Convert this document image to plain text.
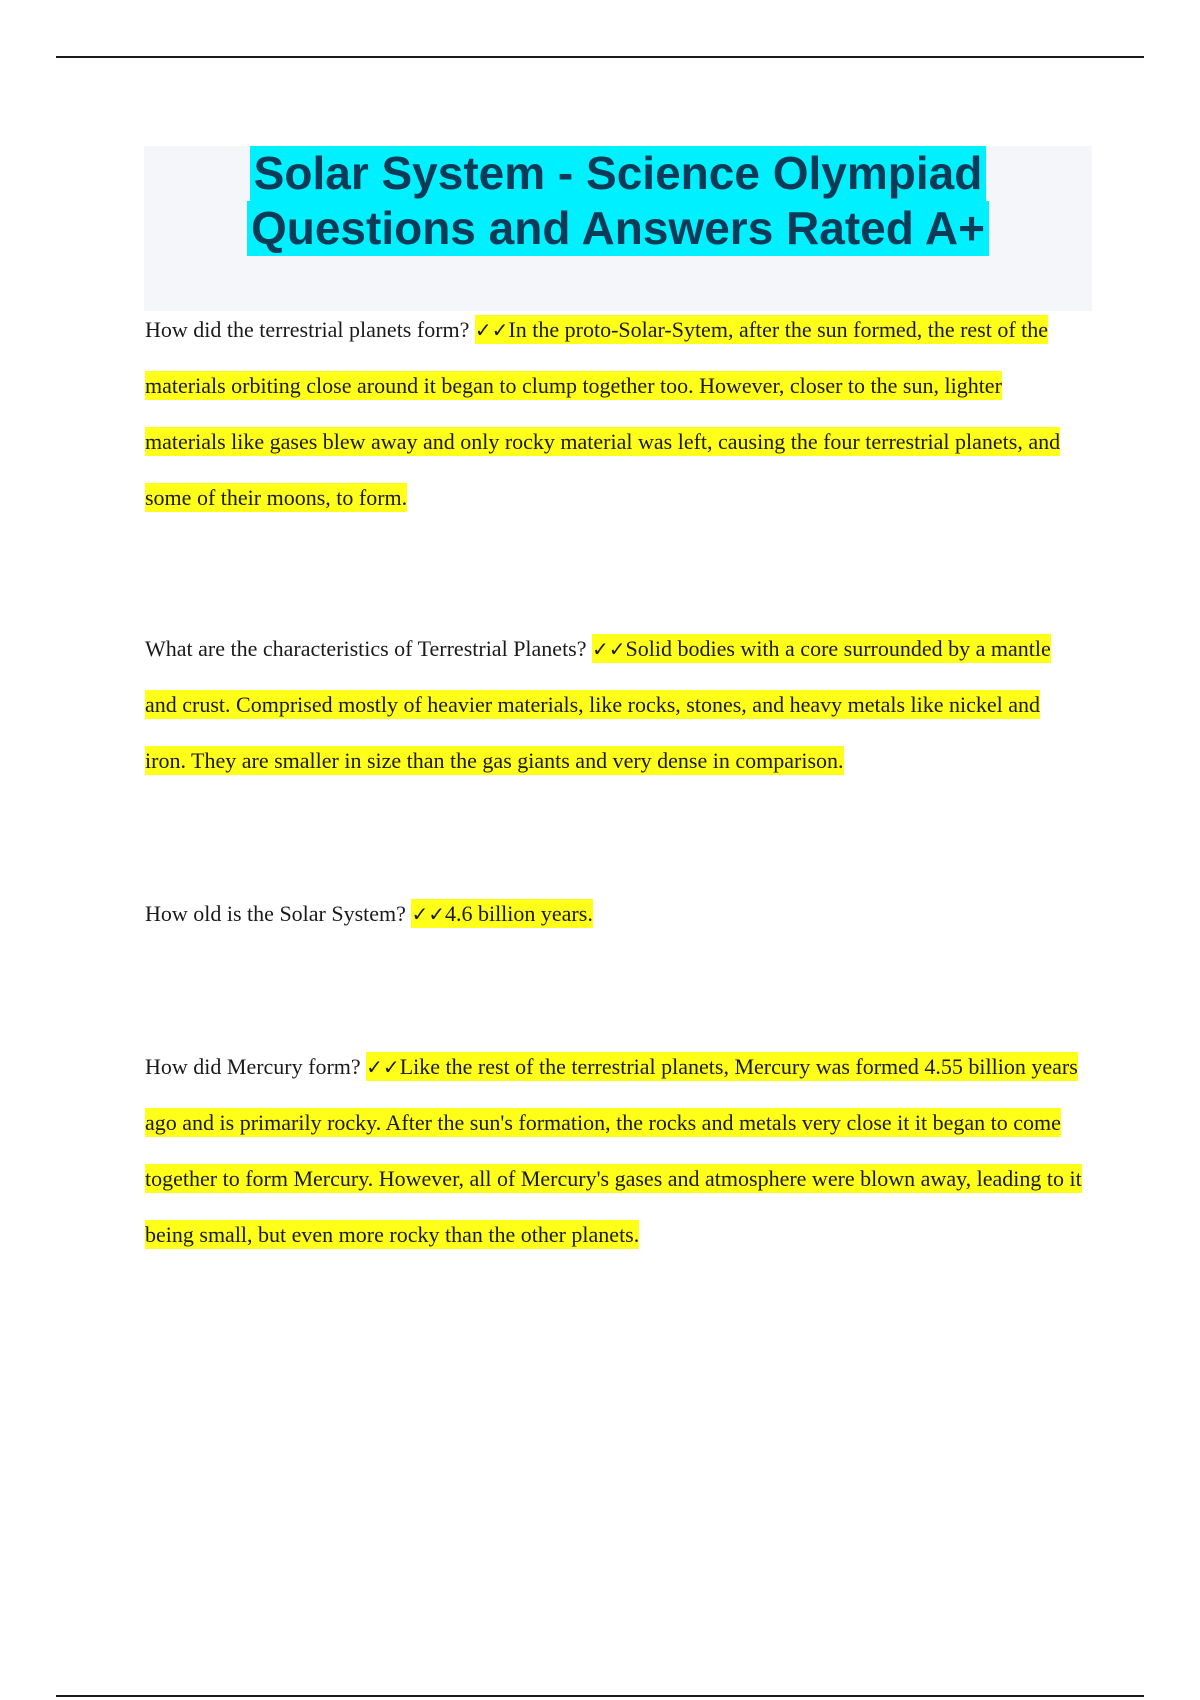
Solar System - Science Olympiad
Questions and Answers Rated A+
How did the terrestrial planets form? ✓✓In the proto-Solar-Sytem, after the sun formed, the rest of the materials orbiting close around it began to clump together too. However, closer to the sun, lighter materials like gases blew away and only rocky material was left, causing the four terrestrial planets, and some of their moons, to form.
What are the characteristics of Terrestrial Planets? ✓✓Solid bodies with a core surrounded by a mantle and crust. Comprised mostly of heavier materials, like rocks, stones, and heavy metals like nickel and iron. They are smaller in size than the gas giants and very dense in comparison.
How old is the Solar System? ✓✓4.6 billion years.
How did Mercury form? ✓✓Like the rest of the terrestrial planets, Mercury was formed 4.55 billion years ago and is primarily rocky. After the sun's formation, the rocks and metals very close it it began to come together to form Mercury. However, all of Mercury's gases and atmosphere were blown away, leading to it being small, but even more rocky than the other planets.
